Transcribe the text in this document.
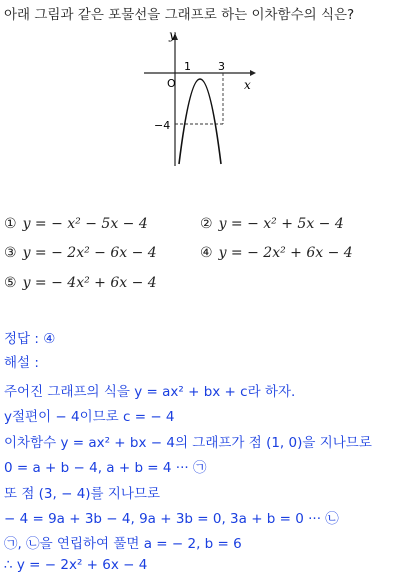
아래 그림과 같은 포물선을 그래프로 하는 이차함수의 식은?
y
x
O
1 3
−4
① y = − x² − 5x − 4	② y = − x² + 5x − 4
③ y = − 2x² − 6x − 4	④ y = − 2x² + 6x − 4
⑤ y = − 4x² + 6x − 4
정답 : ④
해설 :
주어진 그래프의 식을 y = ax² + bx + c라 하자.
y절편이 − 4이므로 c = − 4
이차함수 y = ax² + bx − 4의 그래프가 점 (1, 0)을 지나므로
0 = a + b − 4, a + b = 4 ··· ㉠
또 점 (3, − 4)를 지나므로
− 4 = 9a + 3b − 4, 9a + 3b = 0, 3a + b = 0 ··· ㉡
㉠, ㉡을 연립하여 풀면 a = − 2, b = 6
∴ y = − 2x² + 6x − 4
